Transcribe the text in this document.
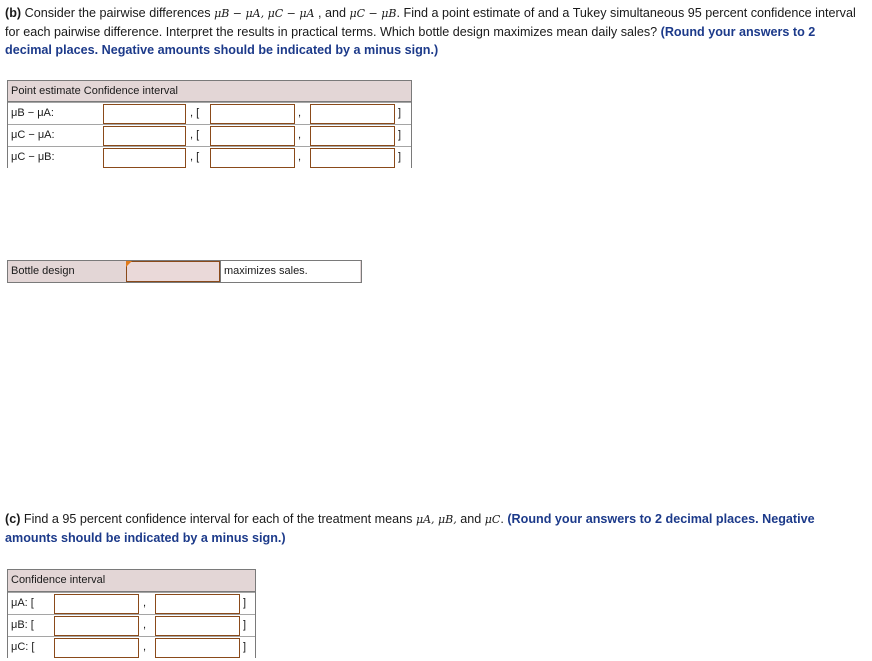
(b) Consider the pairwise differences μB − μA, μC − μA , and μC − μB. Find a point estimate of and a Tukey simultaneous 95 percent confidence interval for each pairwise difference. Interpret the results in practical terms. Which bottle design maximizes mean daily sales? (Round your answers to 2 decimal places. Negative amounts should be indicated by a minus sign.)
Point estimate Confidence interval
μB − μA:	, [	,	]
μC − μA:	, [	,	]
μC − μB:	, [	,	]
Bottle design	maximizes sales.
(c) Find a 95 percent confidence interval for each of the treatment means μA, μB, and μC. (Round your answers to 2 decimal places. Negative amounts should be indicated by a minus sign.)
Confidence interval
μA: [	,	]
μB: [	,	]
μC: [	,	]
